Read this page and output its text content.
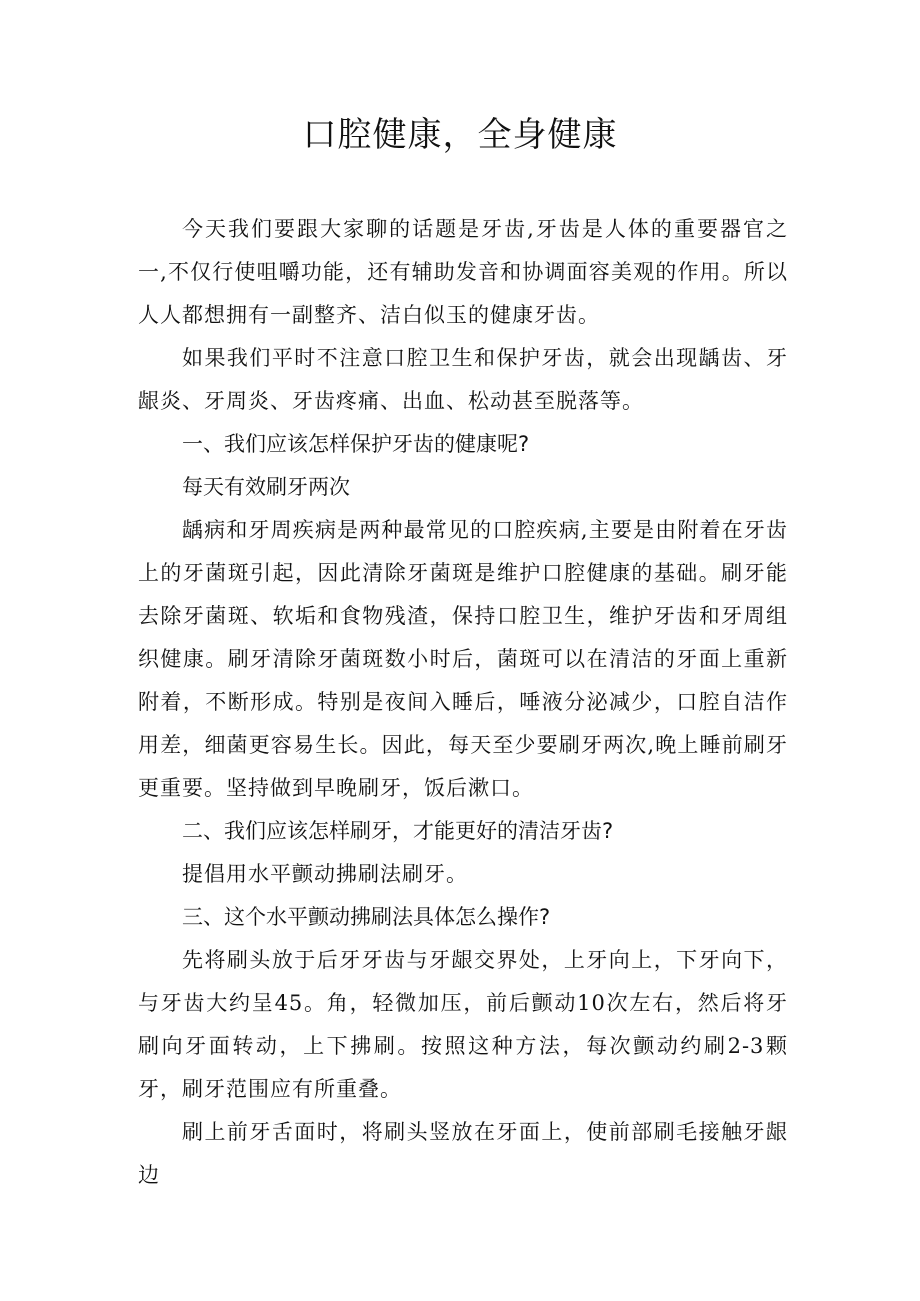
口腔健康，全身健康

今天我们要跟大家聊的话题是牙齿,牙齿是人体的重要器官之一,不仅行使咀嚼功能，还有辅助发音和协调面容美观的作用。所以人人都想拥有一副整齐、洁白似玉的健康牙齿。

如果我们平时不注意口腔卫生和保护牙齿，就会出现龋齿、牙龈炎、牙周炎、牙齿疼痛、出血、松动甚至脱落等。

一、我们应该怎样保护牙齿的健康呢?
每天有效刷牙两次

龋病和牙周疾病是两种最常见的口腔疾病,主要是由附着在牙齿上的牙菌斑引起，因此清除牙菌斑是维护口腔健康的基础。刷牙能去除牙菌斑、软垢和食物残渣，保持口腔卫生，维护牙齿和牙周组织健康。刷牙清除牙菌斑数小时后，菌斑可以在清洁的牙面上重新附着，不断形成。特别是夜间入睡后，唾液分泌减少，口腔自洁作用差，细菌更容易生长。因此，每天至少要刷牙两次,晚上睡前刷牙更重要。坚持做到早晚刷牙，饭后漱口。

二、我们应该怎样刷牙，才能更好的清洁牙齿?

提倡用水平颤动拂刷法刷牙。

三、这个水平颤动拂刷法具体怎么操作?

先将刷头放于后牙牙齿与牙龈交界处，上牙向上，下牙向下，与牙齿大约呈45。角，轻微加压，前后颤动10次左右，然后将牙刷向牙面转动，上下拂刷。按照这种方法，每次颤动约刷2-3颗牙，刷牙范围应有所重叠。

刷上前牙舌面时，将刷头竖放在牙面上，使前部刷毛接触牙龈边
